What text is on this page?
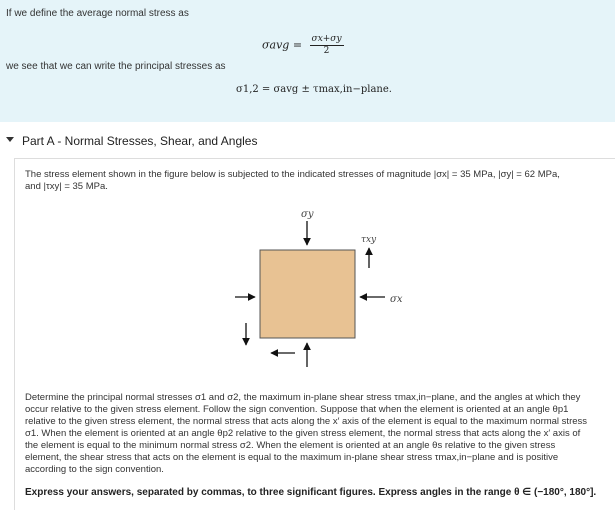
If we define the average normal stress as
$\sigma avg = \frac{\sigma x+\sigma y}{2}$
we see that we can write the principal stresses as
σ1,2 = σavg ± τmax,in−plane.
Part A - Normal Stresses, Shear, and Angles
The stress element shown in the figure below is subjected to the indicated stresses of magnitude |σx| = 35 MPa, |σy| = 62 MPa,
and |τxy| = 35 MPa.
σy
τxy
σx
Determine the principal normal stresses σ1 and σ2, the maximum in-plane shear stress τmax,in−plane, and the angles at which they
occur relative to the given stress element. Follow the sign convention. Suppose that when the element is oriented at an angle θp1
relative to the given stress element, the normal stress that acts along the x′ axis of the element is equal to the maximum normal stress
σ1. When the element is oriented at an angle θp2 relative to the given stress element, the normal stress that acts along the x′ axis of
the element is equal to the minimum normal stress σ2. When the element is oriented at an angle θs relative to the given stress
element, the shear stress that acts on the element is equal to the maximum in-plane shear stress τmax,in−plane and is positive
according to the sign convention.
Express your answers, separated by commas, to three significant figures. Express angles in the range θ ∈ (−180°, 180°].
